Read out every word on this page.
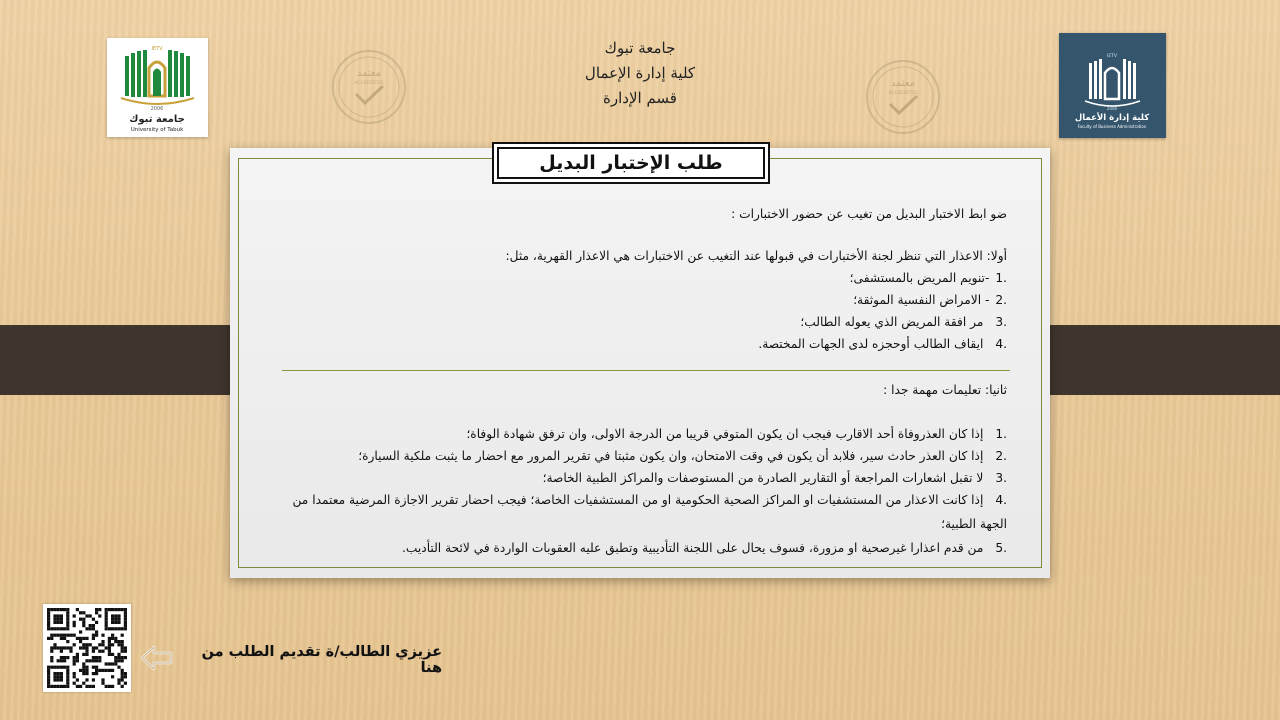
IETV
2006
جامعة تبوك
University of Tabuk
IETV
2006
كلية إدارة الأعمال
Faculty of Business Administration
معتمد
ACCREDITED	معتمد
ACCREDITED
جامعة تبوك
كلية إدارة الإعمال
قسم الإدارة
طلب الإختبار البديل
ضو ابط الاختبار البديل من تغيب عن حضور الاختبارات :
أولا: الاعذار التي تنظر لجنة الأختبارات في قبولها عند التغيب عن الاختبارات هي الاعذار القهرية، مثل:
.1-تنويم المريض بالمستشفى؛
.2- الامراض النفسية الموثقة؛
.3مر افقة المريض الذي يعوله الطالب؛
.4ايقاف الطالب أوحجزه لدى الجهات المختصة.
ثانيا: تعليمات مهمة جدا :
.1إذا كان العذروفاة أحد الاقارب فيجب ان يكون المتوفي قريبا من الدرجة الاولى، وان ترفق شهادة الوفاة؛
.2إذا كان العذر حادث سير، فلابد أن يكون في وقت الامتحان، وان يكون مثبتا في تقرير المرور مع احضار ما يثبت ملكية السيارة؛
.3لا تقبل اشعارات المراجعة أو التقارير الصادرة من المستوصفات والمراكز الطبية الخاصة؛
.4إذا كانت الاعذار من المستشفيات او المراكز الصحية الحكومية او من المستشفيات الخاصة؛ فيجب احضار تقرير الاجازة المرضية معتمدا من
الجهة الطبية؛
.5من قدم اعذارا غيرصحية او مزورة، فسوف يحال على اللجنة التأديبية وتطبق عليه العقوبات الواردة في لائحة التأديب.
عزيزي الطالب/ة تقديم الطلب من هنا
